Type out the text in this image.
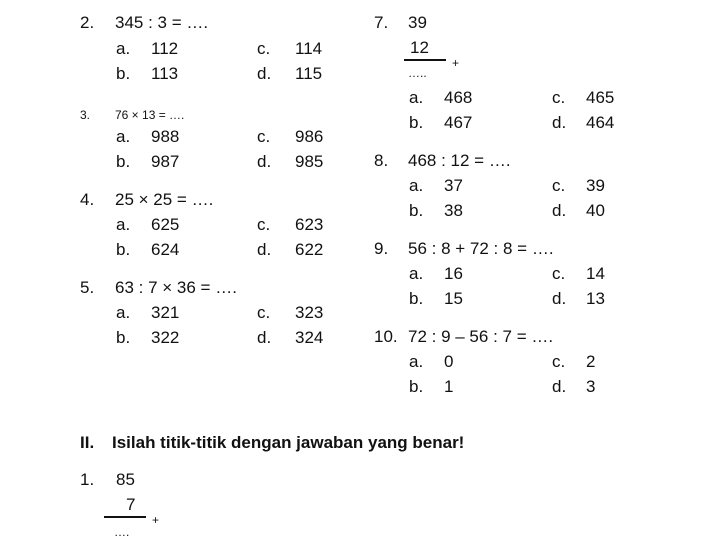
2. 345 : 3 = ….
a. 112	c. 114
b. 113	d. 115
3. 76 × 13 = ….
a. 988	c. 986
b. 987	d. 985
4. 25 × 25 = ….
a. 625	c. 623
b. 624	d. 622
5. 63 : 7 × 36 = ….
a. 321	c. 323
b. 322	d. 324
7. 39
12
+
…..
a. 468	c. 465
b. 467	d. 464
8. 468 : 12 = ….
a. 37	c. 39
b. 38	d. 40
9. 56 : 8 + 72 : 8 = ….
a. 16	c. 14
b. 15	d. 13
10. 72 : 9 – 56 : 7 = ….
a. 0	c. 2
b. 1	d. 3
II. Isilah titik-titik dengan jawaban yang benar!
1. 85
7
+
….
